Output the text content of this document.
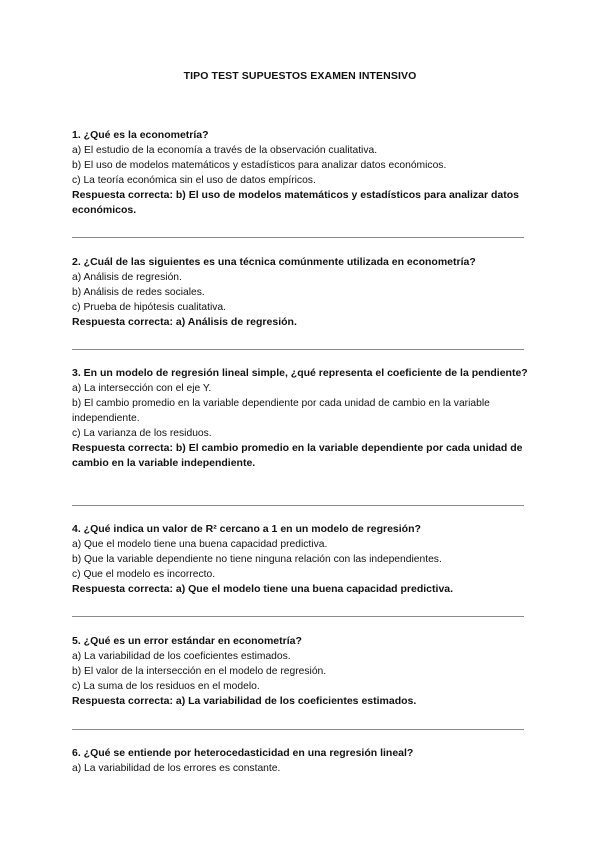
TIPO TEST SUPUESTOS EXAMEN INTENSIVO
1. ¿Qué es la econometría?
a) El estudio de la economía a través de la observación cualitativa.
b) El uso de modelos matemáticos y estadísticos para analizar datos económicos.
c) La teoría económica sin el uso de datos empíricos.
Respuesta correcta: b) El uso de modelos matemáticos y estadísticos para analizar datos económicos.
2. ¿Cuál de las siguientes es una técnica comúnmente utilizada en econometría?
a) Análisis de regresión.
b) Análisis de redes sociales.
c) Prueba de hipótesis cualitativa.
Respuesta correcta: a) Análisis de regresión.
3. En un modelo de regresión lineal simple, ¿qué representa el coeficiente de la pendiente?
a) La intersección con el eje Y.
b) El cambio promedio en la variable dependiente por cada unidad de cambio en la variable independiente.
c) La varianza de los residuos.
Respuesta correcta: b) El cambio promedio en la variable dependiente por cada unidad de cambio en la variable independiente.
4. ¿Qué indica un valor de R² cercano a 1 en un modelo de regresión?
a) Que el modelo tiene una buena capacidad predictiva.
b) Que la variable dependiente no tiene ninguna relación con las independientes.
c) Que el modelo es incorrecto.
Respuesta correcta: a) Que el modelo tiene una buena capacidad predictiva.
5. ¿Qué es un error estándar en econometría?
a) La variabilidad de los coeficientes estimados.
b) El valor de la intersección en el modelo de regresión.
c) La suma de los residuos en el modelo.
Respuesta correcta: a) La variabilidad de los coeficientes estimados.
6. ¿Qué se entiende por heterocedasticidad en una regresión lineal?
a) La variabilidad de los errores es constante.
